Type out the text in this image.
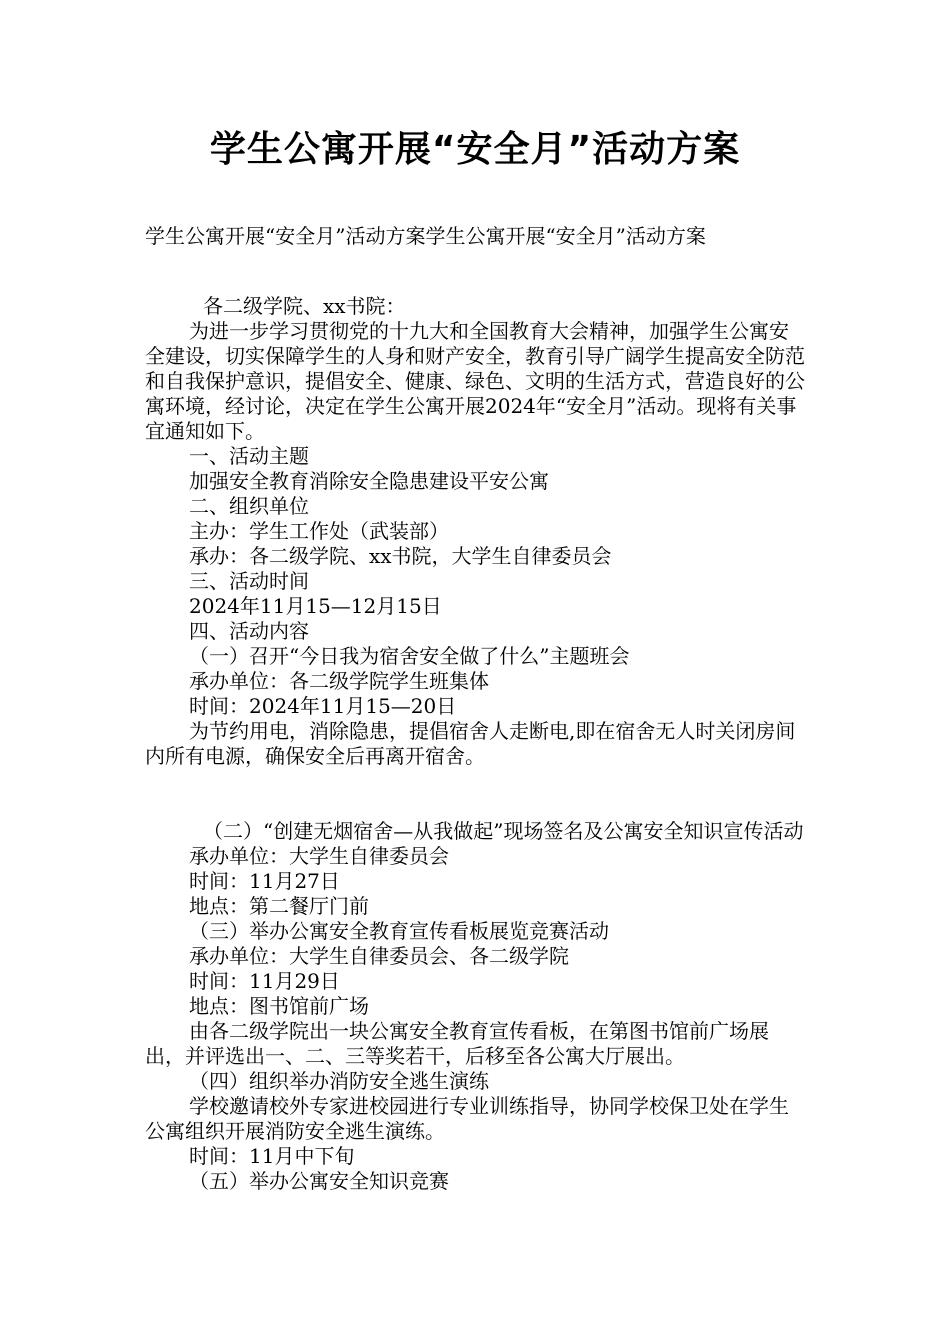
学生公寓开展“安全月”活动方案

学生公寓开展“安全月”活动方案学生公寓开展“安全月”活动方案

各二级学院、xx书院：

为进一步学习贯彻党的十九大和全国教育大会精神，加强学生公寓安全建设，切实保障学生的人身和财产安全，教育引导广阔学生提高安全防范和自我保护意识，提倡安全、健康、绿色、文明的生活方式，营造良好的公寓环境，经讨论，决定在学生公寓开展2024年“安全月”活动。现将有关事宜通知如下。

一、活动主题

加强安全教育消除安全隐患建设平安公寓

二、组织单位

主办：学生工作处（武装部）

承办：各二级学院、xx书院，大学生自律委员会

三、活动时间

2024年11月15—12月15日

四、活动内容

（一）召开“今日我为宿舍安全做了什么”主题班会

承办单位：各二级学院学生班集体

时间：2024年11月15—20日

为节约用电，消除隐患，提倡宿舍人走断电,即在宿舍无人时关闭房间内所有电源，确保安全后再离开宿舍。

（二）“创建无烟宿舍—从我做起”现场签名及公寓安全知识宣传活动

承办单位：大学生自律委员会

时间：11月27日

地点：第二餐厅门前

（三）举办公寓安全教育宣传看板展览竞赛活动

承办单位：大学生自律委员会、各二级学院

时间：11月29日

地点：图书馆前广场

由各二级学院出一块公寓安全教育宣传看板，在第图书馆前广场展出，并评选出一、二、三等奖若干，后移至各公寓大厅展出。

（四）组织举办消防安全逃生演练

学校邀请校外专家进校园进行专业训练指导，协同学校保卫处在学生公寓组织开展消防安全逃生演练。

时间：11月中下旬

（五）举办公寓安全知识竞赛
